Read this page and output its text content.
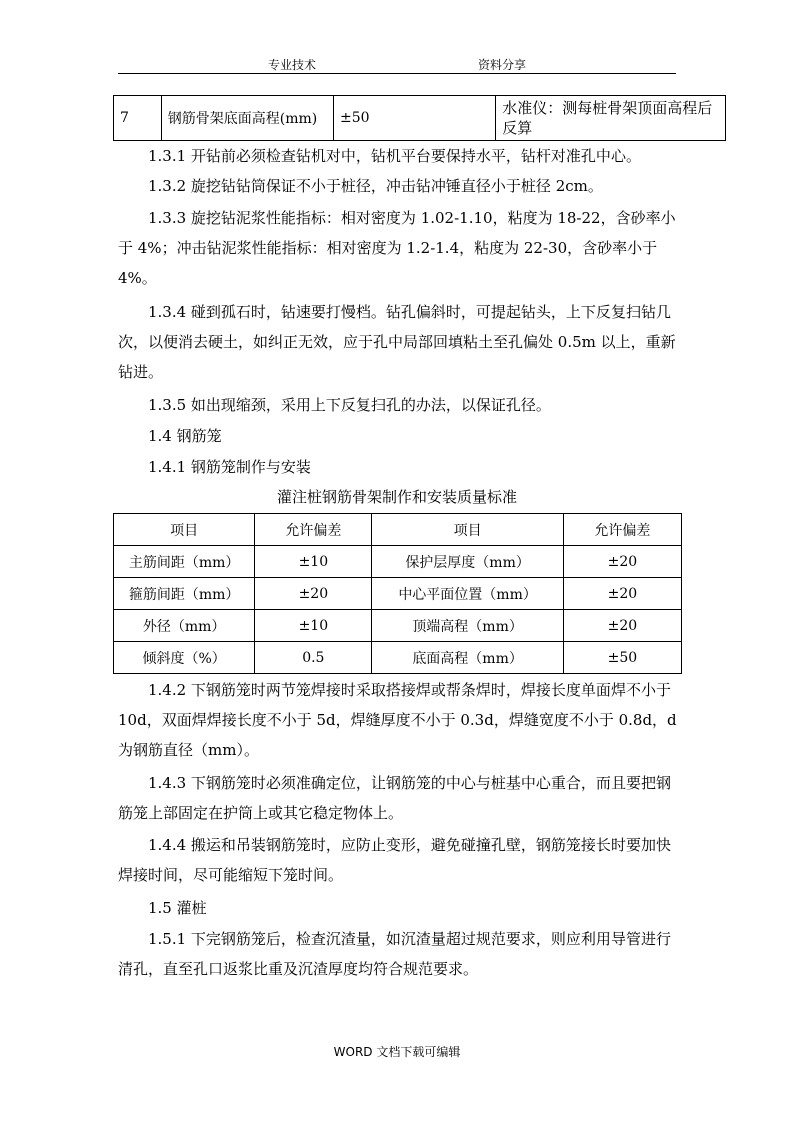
专业技术	资料分享
7	钢筋骨架底面高程(mm)	±50	水准仪：测每桩骨架顶面高程后反算
1.3.1 开钻前必须检查钻机对中，钻机平台要保持水平，钻杆对准孔中心。
1.3.2 旋挖钻钻筒保证不小于桩径，冲击钻冲锤直径小于桩径 2cm。
1.3.3 旋挖钻泥浆性能指标：相对密度为 1.02-1.10，粘度为 18-22，含砂率小于 4%；冲击钻泥浆性能指标：相对密度为 1.2-1.4，粘度为 22-30，含砂率小于 4%。
1.3.4 碰到孤石时，钻速要打慢档。钻孔偏斜时，可提起钻头，上下反复扫钻几次，以便消去硬土，如纠正无效，应于孔中局部回填粘土至孔偏处 0.5m 以上，重新钻进。
1.3.5 如出现缩颈，采用上下反复扫孔的办法，以保证孔径。
1.4 钢筋笼
1.4.1 钢筋笼制作与安装
灌注桩钢筋骨架制作和安装质量标准
项目	允许偏差	项目	允许偏差
主筋间距（mm）	±10	保护层厚度（mm）	±20
箍筋间距（mm）	±20	中心平面位置（mm）	±20
外径（mm）	±10	顶端高程（mm）	±20
倾斜度（%）	0.5	底面高程（mm）	±50
1.4.2 下钢筋笼时两节笼焊接时采取搭接焊或帮条焊时，焊接长度单面焊不小于 10d，双面焊焊接长度不小于 5d，焊缝厚度不小于 0.3d，焊缝宽度不小于 0.8d，d 为钢筋直径（mm）。
1.4.3 下钢筋笼时必须准确定位，让钢筋笼的中心与桩基中心重合，而且要把钢筋笼上部固定在护筒上或其它稳定物体上。
1.4.4 搬运和吊装钢筋笼时，应防止变形，避免碰撞孔壁，钢筋笼接长时要加快焊接时间，尽可能缩短下笼时间。
1.5 灌桩
1.5.1 下完钢筋笼后，检查沉渣量，如沉渣量超过规范要求，则应利用导管进行清孔，直至孔口返浆比重及沉渣厚度均符合规范要求。
WORD 文档下载可编辑
